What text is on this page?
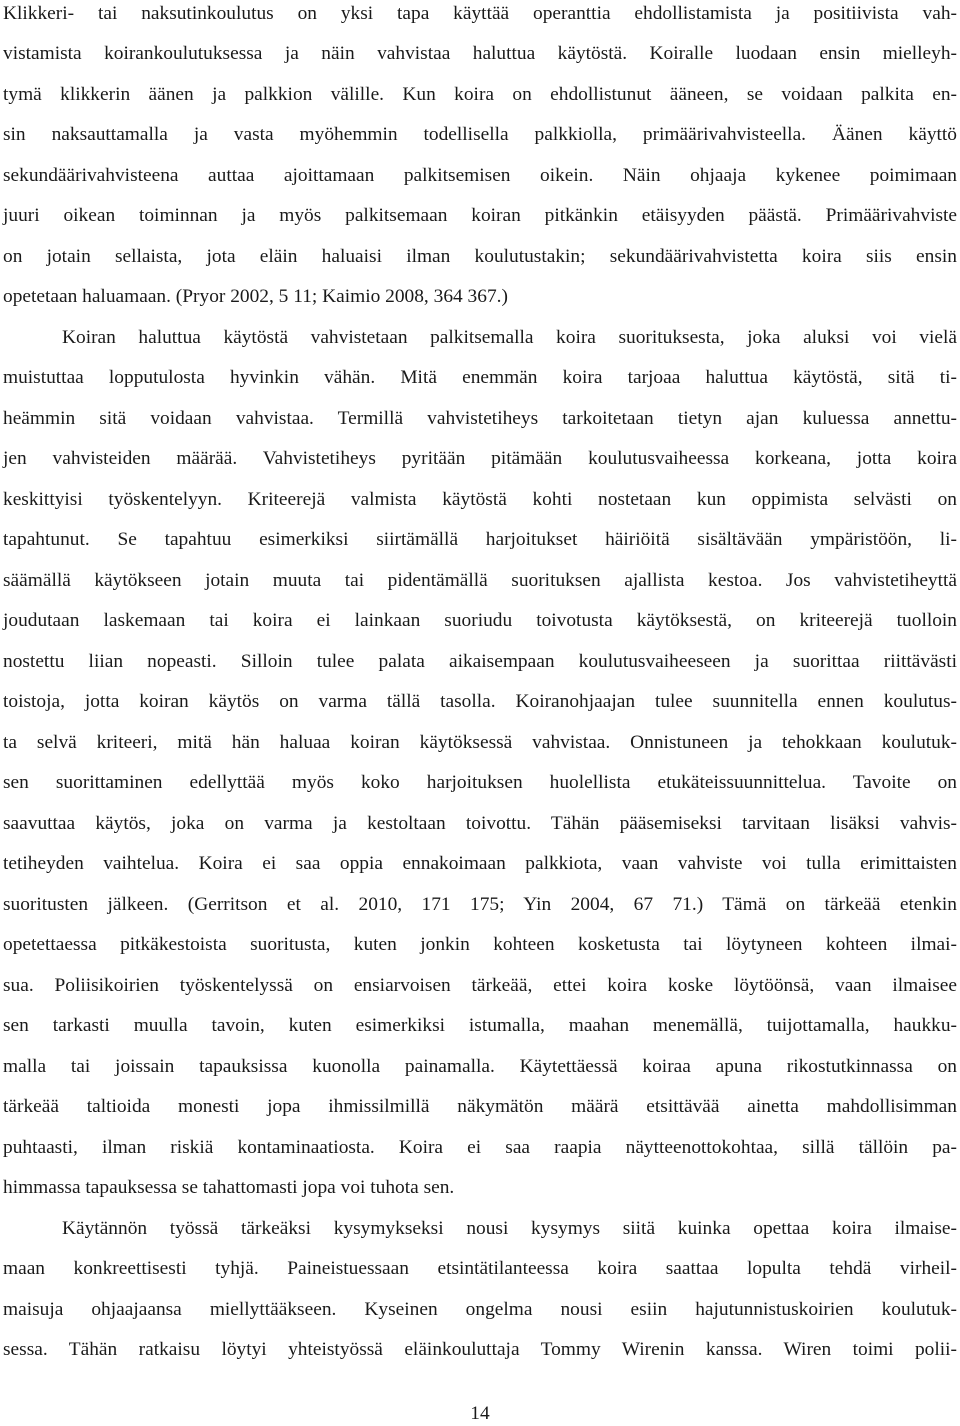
Klikkeri- tai naksutinkoulutus on yksi tapa käyttää operanttia ehdollistamista ja positiivista vah-
vistamista koirankoulutuksessa ja näin vahvistaa haluttua käytöstä. Koiralle luodaan ensin mielleyh-
tymä klikkerin äänen ja palkkion välille. Kun koira on ehdollistunut ääneen, se voidaan palkita en-
sin naksauttamalla ja vasta myöhemmin todellisella palkkiolla, primäärivahvisteella. Äänen käyttö
sekundäärivahvisteena auttaa ajoittamaan palkitsemisen oikein. Näin ohjaaja kykenee poimimaan
juuri oikean toiminnan ja myös palkitsemaan koiran pitkänkin etäisyyden päästä. Primäärivahviste
on jotain sellaista, jota eläin haluaisi ilman koulutustakin; sekundäärivahvistetta koira siis ensin
opetetaan haluamaan. (Pryor 2002, 5 11; Kaimio 2008, 364 367.)
Koiran haluttua käytöstä vahvistetaan palkitsemalla koira suorituksesta, joka aluksi voi vielä
muistuttaa lopputulosta hyvinkin vähän. Mitä enemmän koira tarjoaa haluttua käytöstä, sitä ti-
heämmin sitä voidaan vahvistaa. Termillä vahvistetiheys tarkoitetaan tietyn ajan kuluessa annettu-
jen vahvisteiden määrää. Vahvistetiheys pyritään pitämään koulutusvaiheessa korkeana, jotta koira
keskittyisi työskentelyyn. Kriteerejä valmista käytöstä kohti nostetaan kun oppimista selvästi on
tapahtunut. Se tapahtuu esimerkiksi siirtämällä harjoitukset häiriöitä sisältävään ympäristöön, li-
säämällä käytökseen jotain muuta tai pidentämällä suorituksen ajallista kestoa. Jos vahvistetiheyttä
joudutaan laskemaan tai koira ei lainkaan suoriudu toivotusta käytöksestä, on kriteerejä tuolloin
nostettu liian nopeasti. Silloin tulee palata aikaisempaan koulutusvaiheeseen ja suorittaa riittävästi
toistoja, jotta koiran käytös on varma tällä tasolla. Koiranohjaajan tulee suunnitella ennen koulutus-
ta selvä kriteeri, mitä hän haluaa koiran käytöksessä vahvistaa. Onnistuneen ja tehokkaan koulutuk-
sen suorittaminen edellyttää myös koko harjoituksen huolellista etukäteissuunnittelua. Tavoite on
saavuttaa käytös, joka on varma ja kestoltaan toivottu. Tähän pääsemiseksi tarvitaan lisäksi vahvis-
tetiheyden vaihtelua. Koira ei saa oppia ennakoimaan palkkiota, vaan vahviste voi tulla erimittaisten
suoritusten jälkeen. (Gerritson et al. 2010, 171 175; Yin 2004, 67 71.) Tämä on tärkeää etenkin
opetettaessa pitkäkestoista suoritusta, kuten jonkin kohteen kosketusta tai löytyneen kohteen ilmai-
sua. Poliisikoirien työskentelyssä on ensiarvoisen tärkeää, ettei koira koske löytöönsä, vaan ilmaisee
sen tarkasti muulla tavoin, kuten esimerkiksi istumalla, maahan menemällä, tuijottamalla, haukku-
malla tai joissain tapauksissa kuonolla painamalla. Käytettäessä koiraa apuna rikostutkinnassa on
tärkeää taltioida monesti jopa ihmissilmillä näkymätön määrä etsittävää ainetta mahdollisimman
puhtaasti, ilman riskiä kontaminaatiosta. Koira ei saa raapia näytteenottokohtaa, sillä tällöin pa-
himmassa tapauksessa se tahattomasti jopa voi tuhota sen.
Käytännön työssä tärkeäksi kysymykseksi nousi kysymys siitä kuinka opettaa koira ilmaise-
maan konkreettisesti tyhjä. Paineistuessaan etsintätilanteessa koira saattaa lopulta tehdä virheil-
maisuja ohjaajaansa miellyttääkseen. Kyseinen ongelma nousi esiin hajutunnistuskoirien koulutuk-
sessa. Tähän ratkaisu löytyi yhteistyössä eläinkouluttaja Tommy Wirenin kanssa. Wiren toimi polii-
14
